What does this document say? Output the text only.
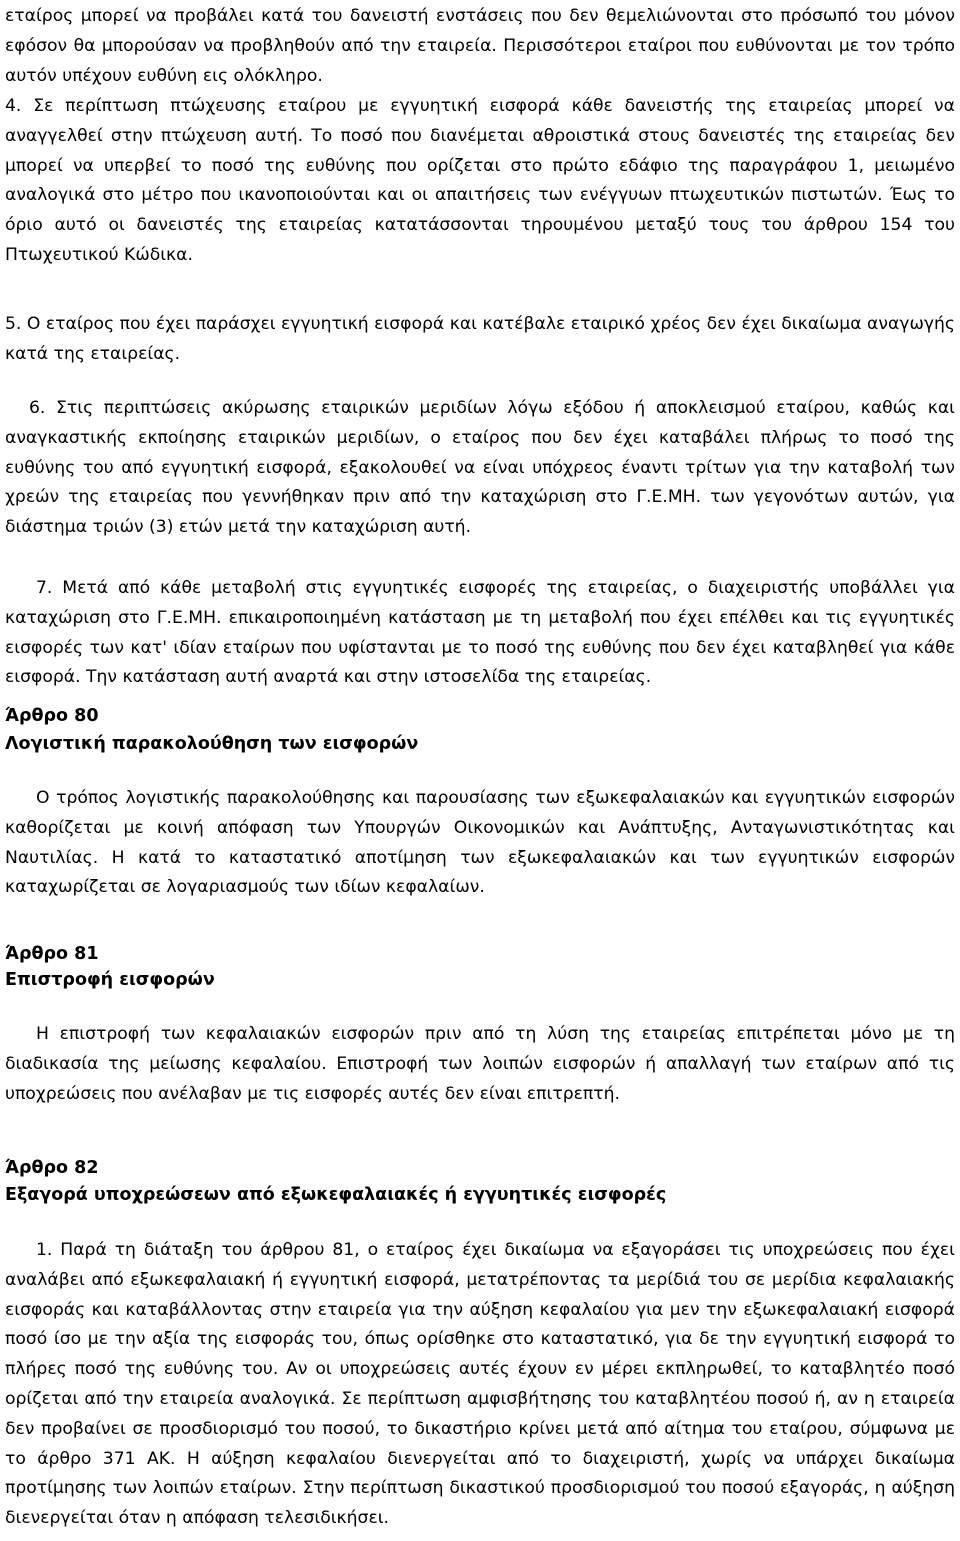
εταίρος μπορεί να προβάλει κατά του δανειστή ενστάσεις που δεν θεμελιώνονται στο πρόσωπό του μόνον εφόσον θα μπορούσαν να προβληθούν από την εταιρεία. Περισσότεροι εταίροι που ευθύνονται με τον τρόπο αυτόν υπέχουν ευθύνη εις ολόκληρο.

4. Σε περίπτωση πτώχευσης εταίρου με εγγυητική εισφορά κάθε δανειστής της εταιρείας μπορεί να αναγγελθεί στην πτώχευση αυτή. Το ποσό που διανέμεται αθροιστικά στους δανειστές της εταιρείας δεν μπορεί να υπερβεί το ποσό της ευθύνης που ορίζεται στο πρώτο εδάφιο της παραγράφου 1, μειωμένο αναλογικά στο μέτρο που ικανοποιούνται και οι απαιτήσεις των ενέγγυων πτωχευτικών πιστωτών. Έως το όριο αυτό οι δανειστές της εταιρείας κατατάσσονται τηρουμένου μεταξύ τους του άρθρου 154 του Πτωχευτικού Κώδικα.

5. Ο εταίρος που έχει παράσχει εγγυητική εισφορά και κατέβαλε εταιρικό χρέος δεν έχει δικαίωμα αναγωγής κατά της εταιρείας.

6. Στις περιπτώσεις ακύρωσης εταιρικών μεριδίων λόγω εξόδου ή αποκλεισμού εταίρου, καθώς και αναγκαστικής εκποίησης εταιρικών μεριδίων, ο εταίρος που δεν έχει καταβάλει πλήρως το ποσό της ευθύνης του από εγγυητική εισφορά, εξακολουθεί να είναι υπόχρεος έναντι τρίτων για την καταβολή των χρεών της εταιρείας που γεννήθηκαν πριν από την καταχώριση στο Γ.Ε.ΜΗ. των γεγονότων αυτών, για διάστημα τριών (3) ετών μετά την καταχώριση αυτή.

7. Μετά από κάθε μεταβολή στις εγγυητικές εισφορές της εταιρείας, ο διαχειριστής υποβάλλει για καταχώριση στο Γ.Ε.ΜΗ. επικαιροποιημένη κατάσταση με τη μεταβολή που έχει επέλθει και τις εγγυητικές εισφορές των κατ' ιδίαν εταίρων που υφίστανται με το ποσό της ευθύνης που δεν έχει καταβληθεί για κάθε εισφορά. Την κατάσταση αυτή αναρτά και στην ιστοσελίδα της εταιρείας.

Άρθρο 80
Λογιστική παρακολούθηση των εισφορών

Ο τρόπος λογιστικής παρακολούθησης και παρουσίασης των εξωκεφαλαιακών και εγγυητικών εισφορών καθορίζεται με κοινή απόφαση των Υπουργών Οικονομικών και Ανάπτυξης, Ανταγωνιστικότητας και Ναυτιλίας. Η κατά το καταστατικό αποτίμηση των εξωκεφαλαιακών και των εγγυητικών εισφορών καταχωρίζεται σε λογαριασμούς των ιδίων κεφαλαίων.

Άρθρο 81
Επιστροφή εισφορών

Η επιστροφή των κεφαλαιακών εισφορών πριν από τη λύση της εταιρείας επιτρέπεται μόνο με τη διαδικασία της μείωσης κεφαλαίου. Επιστροφή των λοιπών εισφορών ή απαλλαγή των εταίρων από τις υποχρεώσεις που ανέλαβαν με τις εισφορές αυτές δεν είναι επιτρεπτή.

Άρθρο 82
Εξαγορά υποχρεώσεων από εξωκεφαλαιακές ή εγγυητικές εισφορές

1. Παρά τη διάταξη του άρθρου 81, ο εταίρος έχει δικαίωμα να εξαγοράσει τις υποχρεώσεις που έχει αναλάβει από εξωκεφαλαιακή ή εγγυητική εισφορά, μετατρέποντας τα μερίδιά του σε μερίδια κεφαλαιακής εισφοράς και καταβάλλοντας στην εταιρεία για την αύξηση κεφαλαίου για μεν την εξωκεφαλαιακή εισφορά ποσό ίσο με την αξία της εισφοράς του, όπως ορίσθηκε στο καταστατικό, για δε την εγγυητική εισφορά το πλήρες ποσό της ευθύνης του. Αν οι υποχρεώσεις αυτές έχουν εν μέρει εκπληρωθεί, το καταβλητέο ποσό ορίζεται από την εταιρεία αναλογικά. Σε περίπτωση αμφισβήτησης του καταβλητέου ποσού ή, αν η εταιρεία δεν προβαίνει σε προσδιορισμό του ποσού, το δικαστήριο κρίνει μετά από αίτημα του εταίρου, σύμφωνα με το άρθρο 371 ΑΚ. Η αύξηση κεφαλαίου διενεργείται από το διαχειριστή, χωρίς να υπάρχει δικαίωμα προτίμησης των λοιπών εταίρων. Στην περίπτωση δικαστικού προσδιορισμού του ποσού εξαγοράς, η αύξηση διενεργείται όταν η απόφαση τελεσιδικήσει.
